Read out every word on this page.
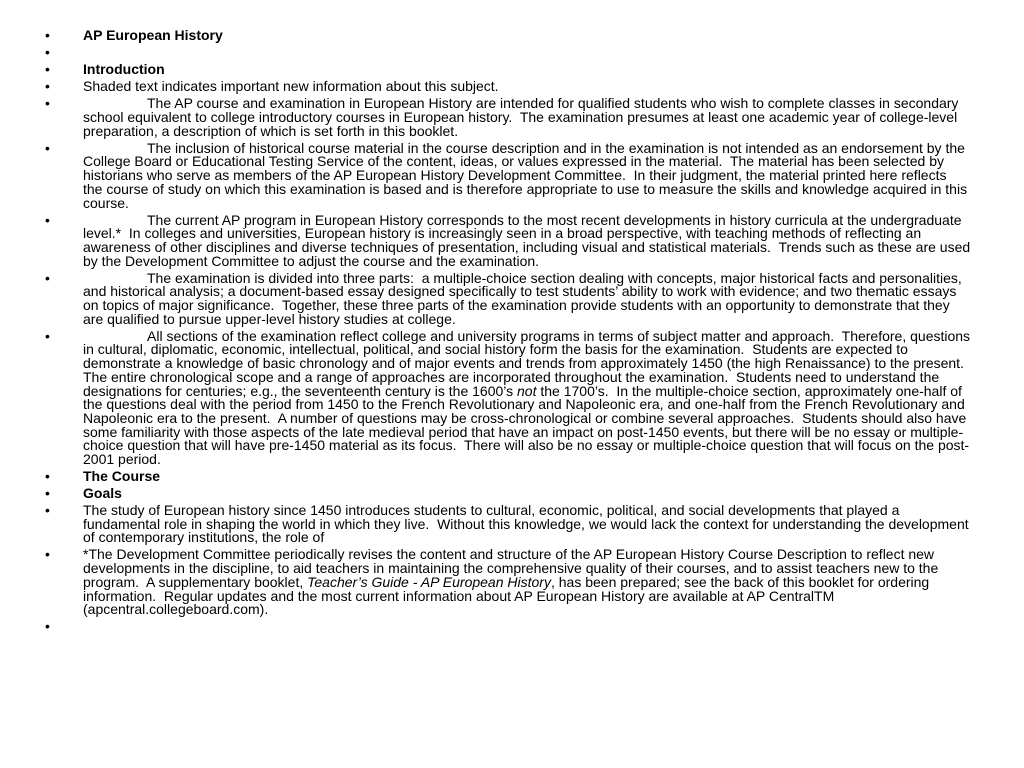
• AP European History
•
• Introduction
• Shaded text indicates important new information about this subject.
•	The AP course and examination in European History are intended for qualified students who wish to complete classes in secondary
school equivalent to college introductory courses in European history.  The examination presumes at least one academic year of college-level
preparation, a description of which is set forth in this booklet.
•	The inclusion of historical course material in the course description and in the examination is not intended as an endorsement by the
College Board or Educational Testing Service of the content, ideas, or values expressed in the material.  The material has been selected by
historians who serve as members of the AP European History Development Committee.  In their judgment, the material printed here reflects
the course of study on which this examination is based and is therefore appropriate to use to measure the skills and knowledge acquired in this
course.
•	The current AP program in European History corresponds to the most recent developments in history curricula at the undergraduate
level.*  In colleges and universities, European history is increasingly seen in a broad perspective, with teaching methods of reflecting an
awareness of other disciplines and diverse techniques of presentation, including visual and statistical materials.  Trends such as these are used
by the Development Committee to adjust the course and the examination.
•	The examination is divided into three parts:  a multiple-choice section dealing with concepts, major historical facts and personalities,
and historical analysis; a document-based essay designed specifically to test students’ ability to work with evidence; and two thematic essays
on topics of major significance.  Together, these three parts of the examination provide students with an opportunity to demonstrate that they
are qualified to pursue upper-level history studies at college.
•	All sections of the examination reflect college and university programs in terms of subject matter and approach.  Therefore, questions
in cultural, diplomatic, economic, intellectual, political, and social history form the basis for the examination.  Students are expected to
demonstrate a knowledge of basic chronology and of major events and trends from approximately 1450 (the high Renaissance) to the present.
The entire chronological scope and a range of approaches are incorporated throughout the examination.  Students need to understand the
designations for centuries; e.g., the seventeenth century is the 1600’s not the 1700’s.  In the multiple-choice section, approximately one-half of
the questions deal with the period from 1450 to the French Revolutionary and Napoleonic era, and one-half from the French Revolutionary and
Napoleonic era to the present.  A number of questions may be cross-chronological or combine several approaches.  Students should also have
some familiarity with those aspects of the late medieval period that have an impact on post-1450 events, but there will be no essay or multiple-
choice question that will have pre-1450 material as its focus.  There will also be no essay or multiple-choice question that will focus on the post-
2001 period.
• The Course
• Goals
• The study of European history since 1450 introduces students to cultural, economic, political, and social developments that played a
fundamental role in shaping the world in which they live.  Without this knowledge, we would lack the context for understanding the development
of contemporary institutions, the role of
• *The Development Committee periodically revises the content and structure of the AP European History Course Description to reflect new
developments in the discipline, to aid teachers in maintaining the comprehensive quality of their courses, and to assist teachers new to the
program.  A supplementary booklet, Teacher’s Guide - AP European History, has been prepared; see the back of this booklet for ordering
information.  Regular updates and the most current information about AP European History are available at AP CentralTM
(apcentral.collegeboard.com).
•
